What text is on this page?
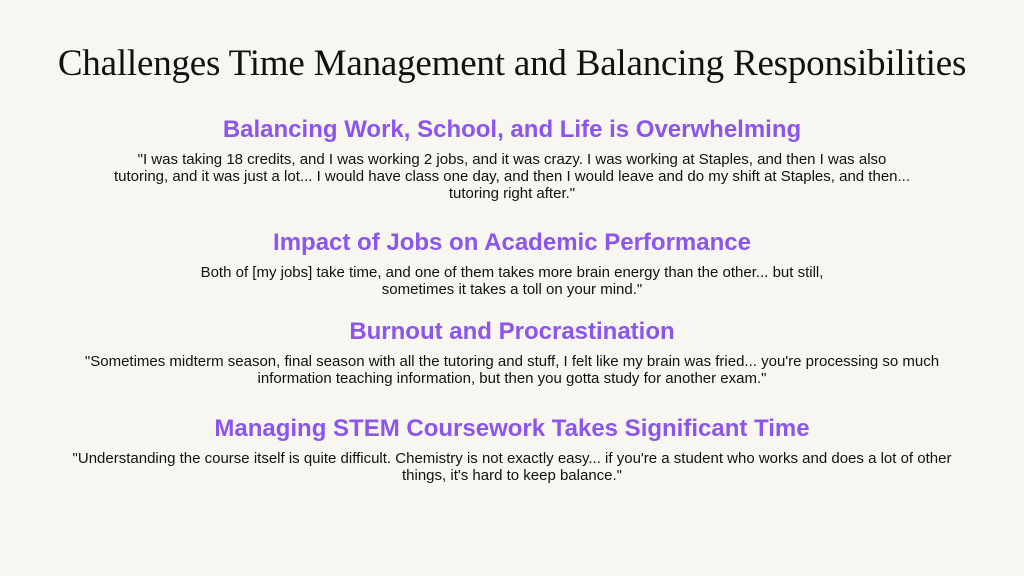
Challenges Time Management and Balancing Responsibilities
Balancing Work, School, and Life is Overwhelming

"I was taking 18 credits, and I was working 2 jobs, and it was crazy. I was working at Staples, and then I was also tutoring, and it was just a lot... I would have class one day, and then I would leave and do my shift at Staples, and then... tutoring right after."

Impact of Jobs on Academic Performance

Both of [my jobs] take time, and one of them takes more brain energy than the other... but still, sometimes it takes a toll on your mind."

Burnout and Procrastination

"Sometimes midterm season, final season with all the tutoring and stuff, I felt like my brain was fried... you're processing so much information teaching information, but then you gotta study for another exam."

Managing STEM Coursework Takes Significant Time

"Understanding the course itself is quite difficult. Chemistry is not exactly easy... if you're a student who works and does a lot of other things, it's hard to keep balance."
